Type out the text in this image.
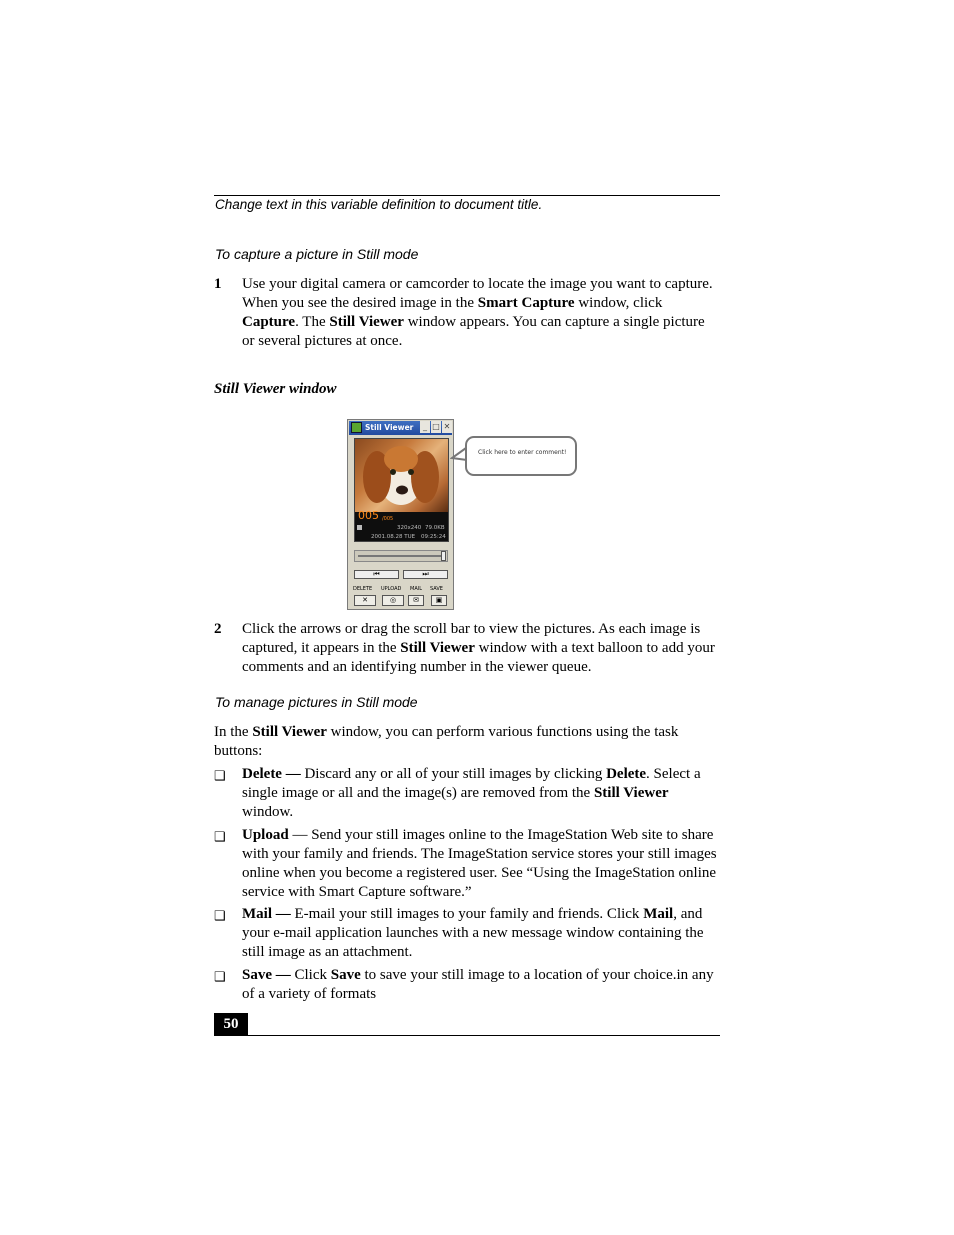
Change text in this variable definition to document title.
To capture a picture in Still mode
1 Use your digital camera or camcorder to locate the image you want to capture. When you see the desired image in the Smart Capture window, click Capture. The Still Viewer window appears. You can capture a single picture or several pictures at once.
Still Viewer window
Still Viewer	_ □ ✕
005 /005
320x240 79.0KB
2001.08.28 TUE 09:25:24
⏮	⏭
DELETE UPLOAD MAIL SAVE
✕	◎	✉	▣
Click here to enter comment!
2 Click the arrows or drag the scroll bar to view the pictures. As each image is captured, it appears in the Still Viewer window with a text balloon to add your comments and an identifying number in the viewer queue.
To manage pictures in Still mode
In the Still Viewer window, you can perform various functions using the task buttons:
❑ Delete — Discard any or all of your still images by clicking Delete. Select a single image or all and the image(s) are removed from the Still Viewer window.
❑ Upload — Send your still images online to the ImageStation Web site to share with your family and friends. The ImageStation service stores your still images online when you become a registered user. See “Using the ImageStation online service with Smart Capture software.”
❑ Mail — E-mail your still images to your family and friends. Click Mail, and your e-mail application launches with a new message window containing the still image as an attachment.
❑ Save — Click Save to save your still image to a location of your choice.in any of a variety of formats
50
